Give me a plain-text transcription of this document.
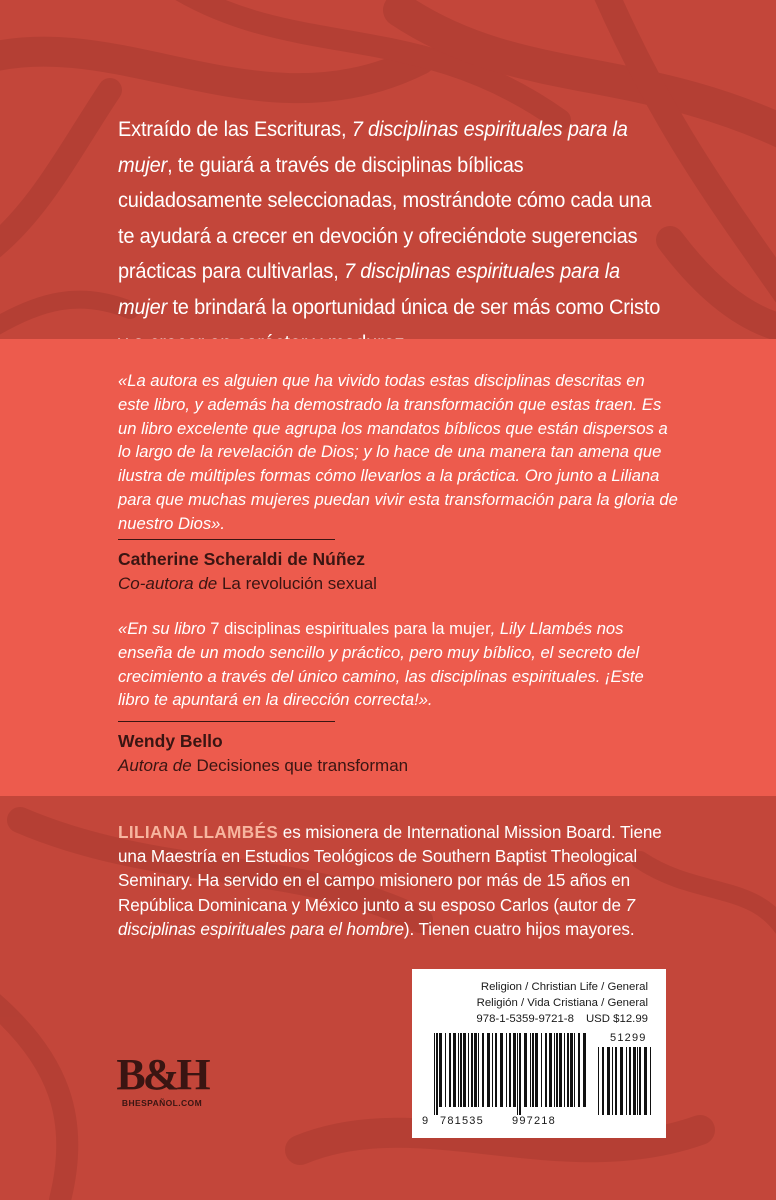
Extraído de las Escrituras, 7 disciplinas espirituales para la mujer, te guiará a través de disciplinas bíblicas cuidadosamente seleccionadas, mostrándote cómo cada una te ayudará a crecer en devoción y ofreciéndote sugerencias prácticas para cultivarlas, 7 disciplinas espirituales para la mujer te brindará la oportunidad única de ser más como Cristo
«La autora es alguien que ha vivido todas estas disciplinas descritas en este libro, y además ha demostrado la transformación que estas traen. Es un libro excelente que agrupa los mandatos bíblicos que están dispersos a lo largo de la revelación de Dios; y lo hace de una manera tan amena que ilustra de múltiples formas cómo llevarlos a la práctica. Oro junto a Liliana para que muchas mujeres puedan vivir esta transformación para la gloria de nuestro Dios».
Catherine Scheraldi de Núñez
Co-autora de La revolución sexual
«En su libro 7 disciplinas espirituales para la mujer, Lily Llambés nos enseña de un modo sencillo y práctico, pero muy bíblico, el secreto del crecimiento a través del único camino, las disciplinas espirituales. ¡Este libro te apuntará en la dirección correcta!».
Wendy Bello
Autora de Decisiones que transforman
LILIANA LLAMBÉS es misionera de International Mission Board. Tiene una Maestría en Estudios Teológicos de Southern Baptist Theological Seminary. Ha servido en el campo misionero por más de 15 años en República Dominicana y México junto a su esposo Carlos (autor de 7 disciplinas espirituales para el hombre). Tienen cuatro hijos mayores.
B&H
BHESPAÑOL.COM
Religion / Christian Life / General
Religión / Vida Cristiana / General
978-1-5359-9721-8 USD $12.99
9 781535	997218
51299
